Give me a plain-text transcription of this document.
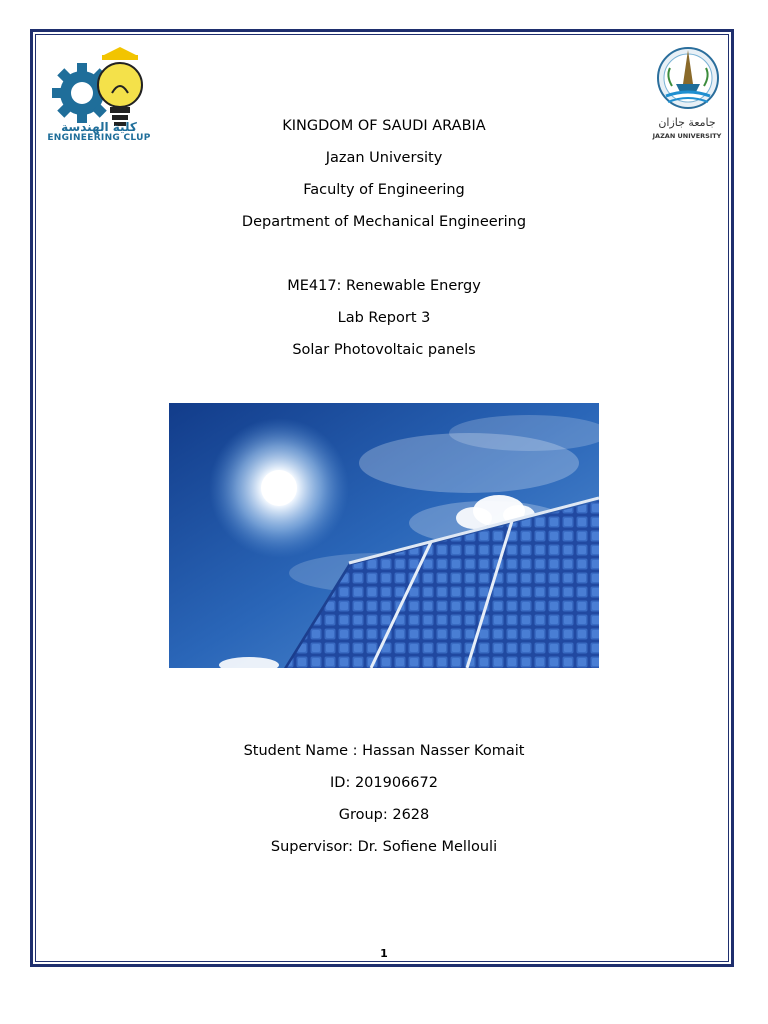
كلية الهندسة
ENGINEERING CLUP
جامعة جازان
JAZAN UNIVERSITY
KINGDOM OF SAUDI ARABIA
Jazan University
Faculty of Engineering
Department of Mechanical Engineering
ME417: Renewable Energy
Lab Report 3
Solar Photovoltaic panels
Student Name : Hassan Nasser Komait
ID: 201906672
Group: 2628
Supervisor: Dr. Sofiene Mellouli
1
